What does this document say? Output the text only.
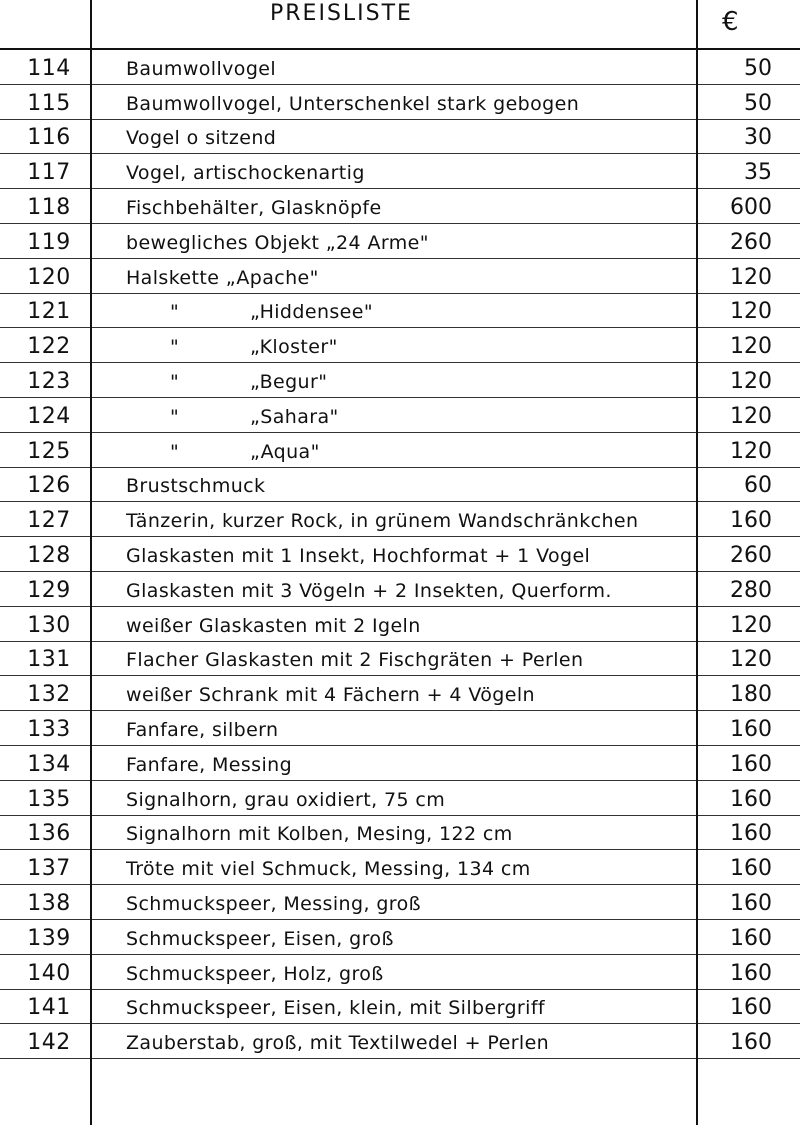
PREISLISTE	€
114	Baumwollvogel	50
115	Baumwollvogel, Unterschenkel stark gebogen	50
116	Vogel o sitzend	30
117	Vogel, artischockenartig	35
118	Fischbehälter, Glasknöpfe	600
119	bewegliches Objekt „24 Arme"	260
120	Halskette „Apache"	120
121	"	„Hiddensee"	120
122	"	„Kloster"	120
123	"	„Begur"	120
124	"	„Sahara"	120
125	"	„Aqua"	120
126	Brustschmuck	60
127	Tänzerin, kurzer Rock, in grünem Wandschränkchen	160
128	Glaskasten mit 1 Insekt, Hochformat + 1 Vogel	260
129	Glaskasten mit 3 Vögeln + 2 Insekten, Querform.	280
130	weißer Glaskasten mit 2 Igeln	120
131	Flacher Glaskasten mit 2 Fischgräten + Perlen	120
132	weißer Schrank mit 4 Fächern + 4 Vögeln	180
133	Fanfare, silbern	160
134	Fanfare, Messing	160
135	Signalhorn, grau oxidiert, 75 cm	160
136	Signalhorn mit Kolben, Mesing, 122 cm	160
137	Tröte mit viel Schmuck, Messing, 134 cm	160
138	Schmuckspeer, Messing, groß	160
139	Schmuckspeer, Eisen, groß	160
140	Schmuckspeer, Holz, groß	160
141	Schmuckspeer, Eisen, klein, mit Silbergriff	160
142	Zauberstab, groß, mit Textilwedel + Perlen	160
